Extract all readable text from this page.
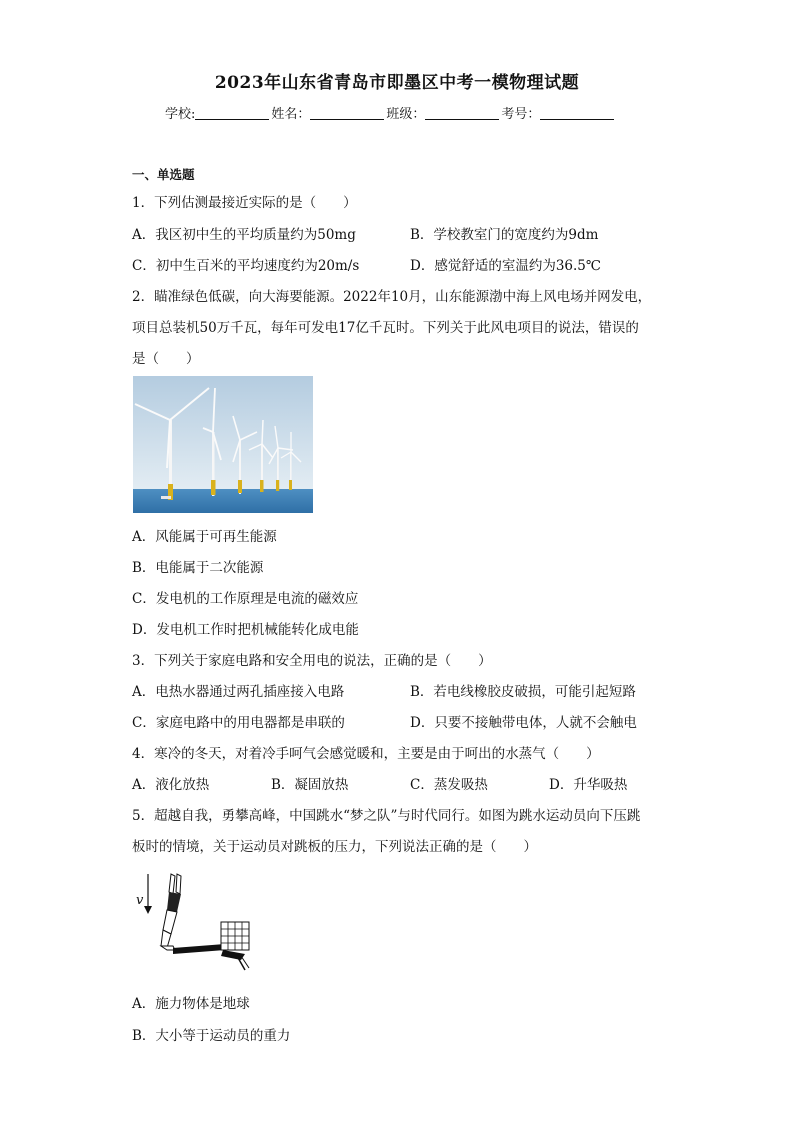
2023年山东省青岛市即墨区中考一模物理试题
学校:	姓名：	班级：	考号：
一、单选题
1．下列估测最接近实际的是（　　）
A．我区初中生的平均质量约为50mg	B．学校教室门的宽度约为9dm
C．初中生百米的平均速度约为20m/s	D．感觉舒适的室温约为36.5℃
2．瞄准绿色低碳，向大海要能源。2022年10月，山东能源渤中海上风电场并网发电，
项目总装机50万千瓦，每年可发电17亿千瓦时。下列关于此风电项目的说法，错误的
是（　　）
A．风能属于可再生能源
B．电能属于二次能源
C．发电机的工作原理是电流的磁效应
D．发电机工作时把机械能转化成电能
3．下列关于家庭电路和安全用电的说法，正确的是（　　）
A．电热水器通过两孔插座接入电路	B．若电线橡胶皮破损，可能引起短路
C．家庭电路中的用电器都是串联的	D．只要不接触带电体，人就不会触电
4．寒冷的冬天，对着冷手呵气会感觉暖和，主要是由于呵出的水蒸气（　　）
A．液化放热	B．凝固放热	C．蒸发吸热	D．升华吸热
5．超越自我，勇攀高峰，中国跳水“梦之队”与时代同行。如图为跳水运动员向下压跳
板时的情境，关于运动员对跳板的压力，下列说法正确的是（　　）
v
A．施力物体是地球
B．大小等于运动员的重力
